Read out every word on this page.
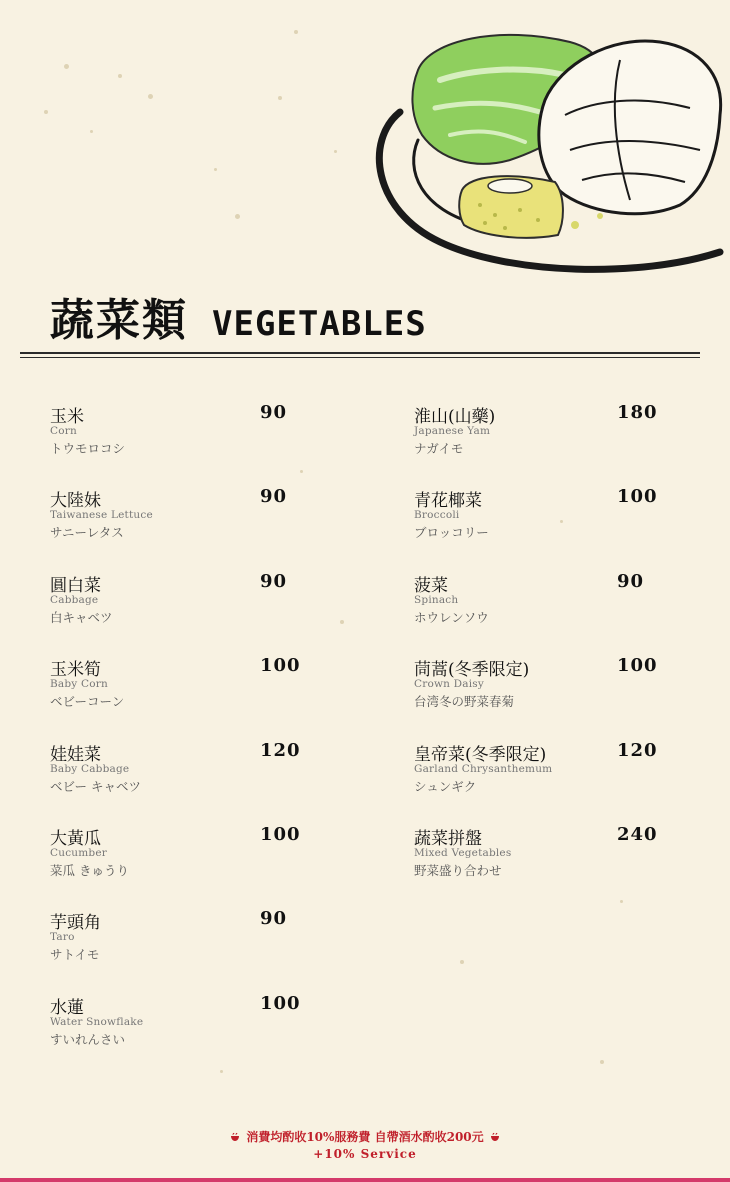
蔬菜類 VEGETABLES
玉米
Corn
トウモロコシ
90
大陸妹
Taiwanese Lettuce
サニーレタス
90
圓白菜
Cabbage
白キャベツ
90
玉米筍
Baby Corn
ベビーコーン
100
娃娃菜
Baby Cabbage
ベビー キャベツ
120
大黃瓜
Cucumber
菜瓜 きゅうり
100
芋頭角
Taro
サトイモ
90
水蓮
Water Snowflake
すいれんさい
100
淮山(山藥)
Japanese Yam
ナガイモ
180
青花椰菜
Broccoli
ブロッコリー
100
菠菜
Spinach
ホウレンソウ
90
茼蒿(冬季限定)
Crown Daisy
台湾冬の野菜春菊
100
皇帝菜(冬季限定)
Garland Chrysanthemum
シュンギク
120
蔬菜拼盤
Mixed Vegetables
野菜盛り合わせ
240
消費均酌收10%服務費 自帶酒水酌收200元
+10% Service
